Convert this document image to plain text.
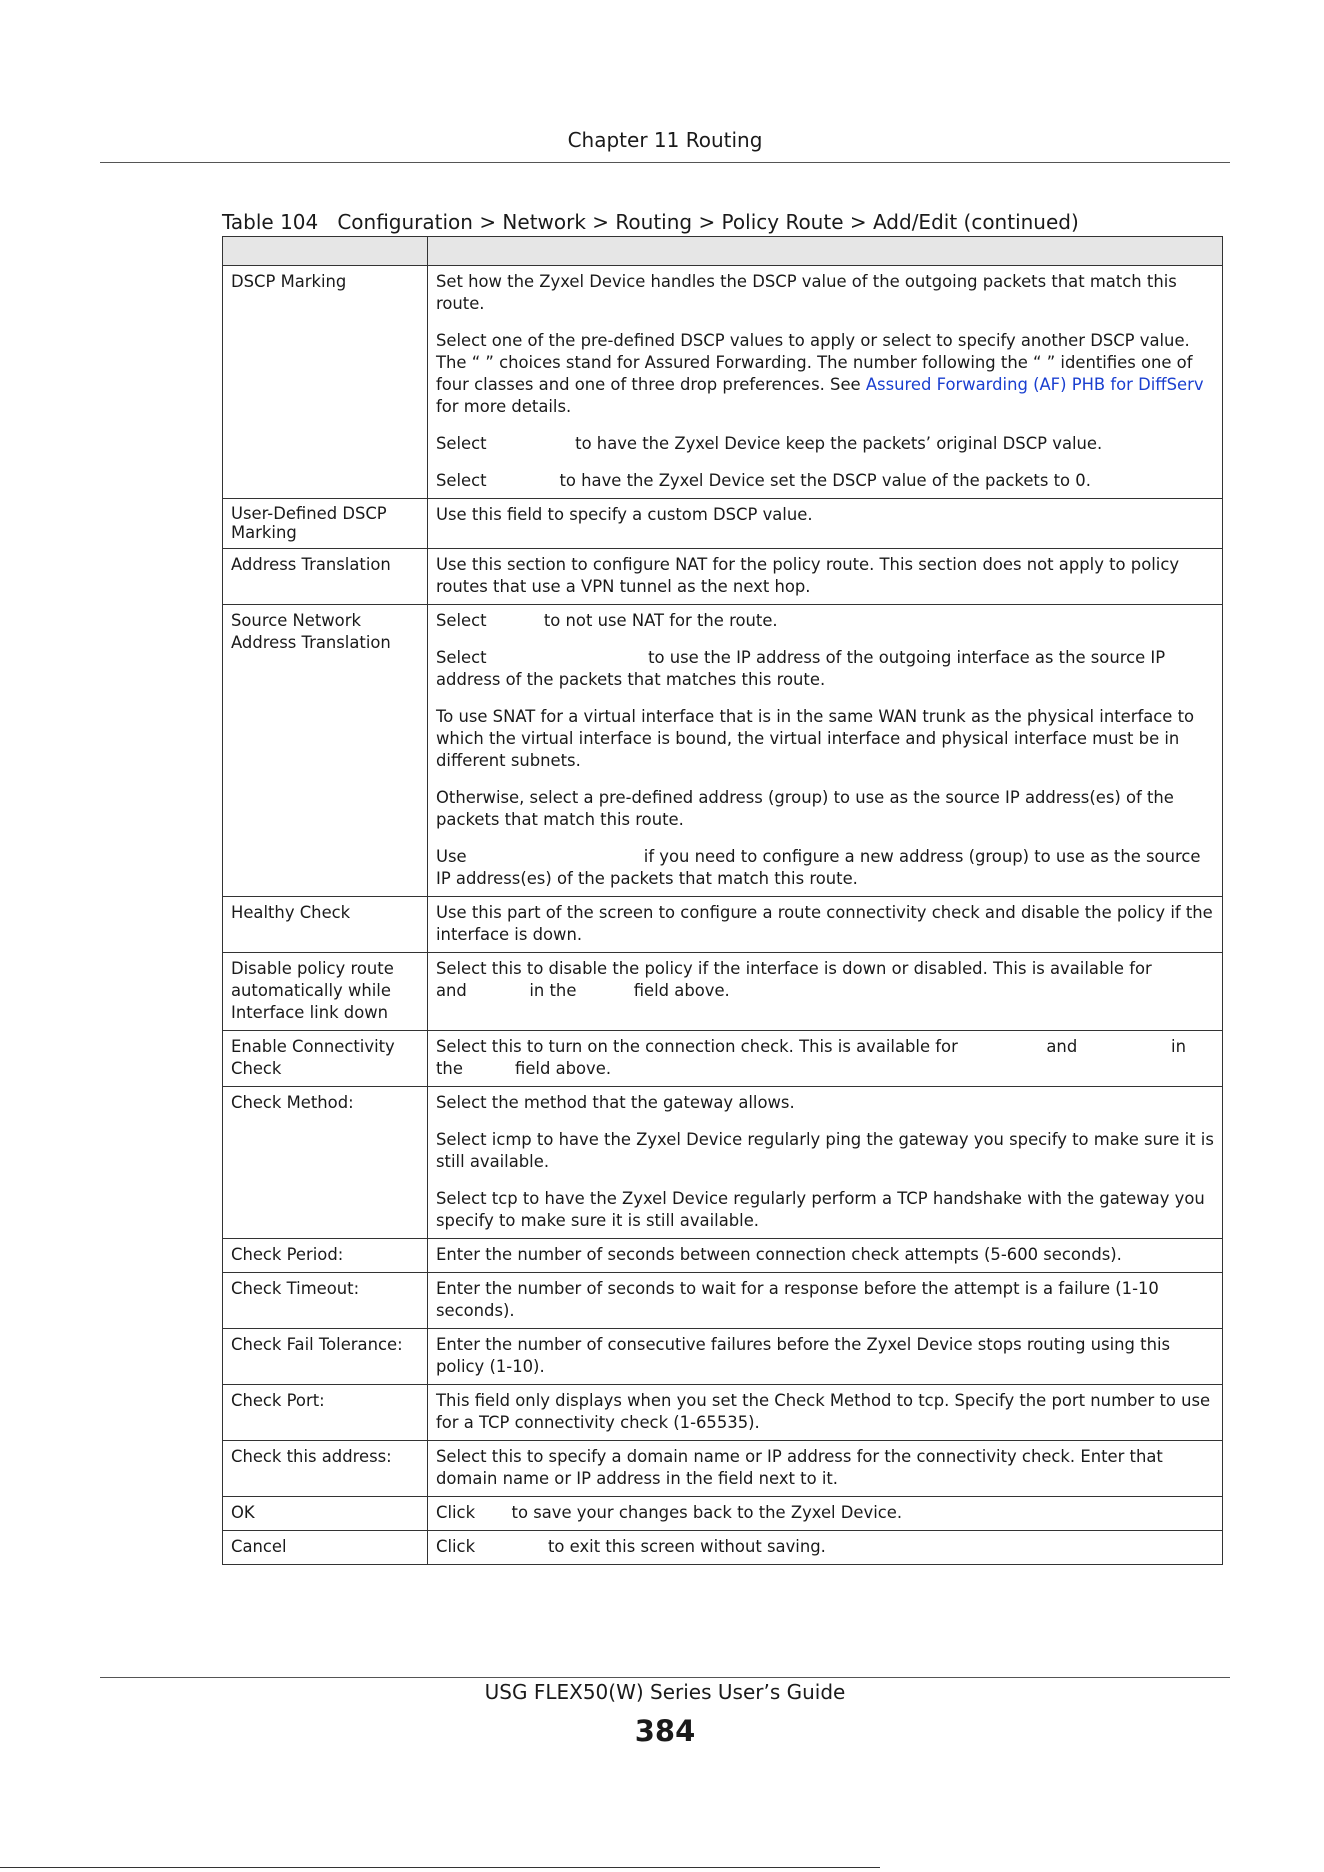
Chapter 11 Routing
Table 104   Configuration > Network > Routing > Policy Route > Add/Edit (continued)

DSCP Marking	Set how the Zyxel Device handles the DSCP value of the outgoing packets that match this route.

Select one of the pre-defined DSCP values to apply or select to specify another DSCP value. The “ ” choices stand for Assured Forwarding. The number following the “ ” identifies one of four classes and one of three drop preferences. See Assured Forwarding (AF) PHB for DiffServ for more details.

Select                 to have the Zyxel Device keep the packets’ original DSCP value.

Select              to have the Zyxel Device set the DSCP value of the packets to 0.

User-Defined DSCP Marking	Use this field to specify a custom DSCP value.
Address Translation	Use this section to configure NAT for the policy route. This section does not apply to policy routes that use a VPN tunnel as the next hop.
Source Network Address Translation	Select           to not use NAT for the route.

Select                               to use the IP address of the outgoing interface as the source IP address of the packets that matches this route.

To use SNAT for a virtual interface that is in the same WAN trunk as the physical interface to which the virtual interface is bound, the virtual interface and physical interface must be in different subnets.

Otherwise, select a pre-defined address (group) to use as the source IP address(es) of the packets that match this route.

Use                                  if you need to configure a new address (group) to use as the source IP address(es) of the packets that match this route.

Healthy Check	Use this part of the screen to configure a route connectivity check and disable the policy if the interface is down.
Disable policy route automatically while Interface link down	Select this to disable the policy if the interface is down or disabled. This is available for                  and            in the           field above.
Enable Connectivity Check	Select this to turn on the connection check. This is available for                 and                  in the          field above.
Check Method:	Select the method that the gateway allows.

Select icmp to have the Zyxel Device regularly ping the gateway you specify to make sure it is still available.

Select tcp to have the Zyxel Device regularly perform a TCP handshake with the gateway you specify to make sure it is still available.

Check Period:	Enter the number of seconds between connection check attempts (5-600 seconds).
Check Timeout:	Enter the number of seconds to wait for a response before the attempt is a failure (1-10 seconds).
Check Fail Tolerance:	Enter the number of consecutive failures before the Zyxel Device stops routing using this policy (1-10).
Check Port:	This field only displays when you set the Check Method to tcp. Specify the port number to use for a TCP connectivity check (1-65535).
Check this address:	Select this to specify a domain name or IP address for the connectivity check. Enter that domain name or IP address in the field next to it.
OK	Click       to save your changes back to the Zyxel Device.
Cancel	Click              to exit this screen without saving.
USG FLEX50(W) Series User’s Guide
384
